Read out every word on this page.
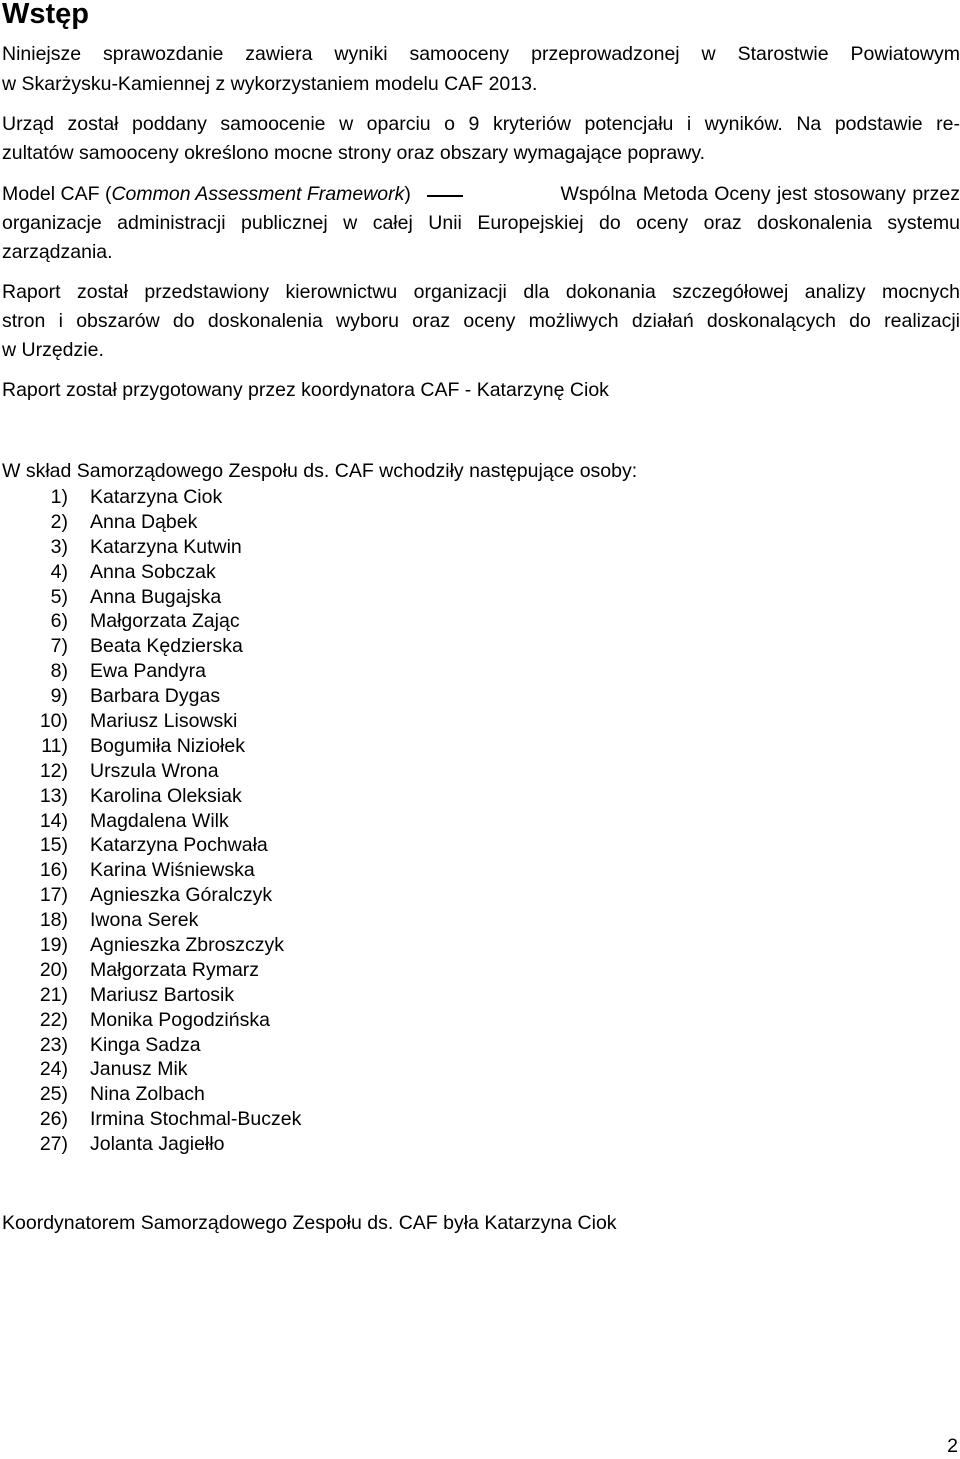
Wstęp

Niniejsze sprawozdanie zawiera wyniki samooceny przeprowadzonej w Starostwie Powiatowym

w Skarżysku-Kamiennej z wykorzystaniem modelu CAF 2013.

Urząd został poddany samoocenie w oparciu o 9 kryteriów potencjału i wyników. Na podstawie re-

zultatów samooceny określono mocne strony oraz obszary wymagające poprawy.

Model CAF (Common Assessment Framework)	Wspólna Metoda Oceny jest stosowany przez

organizacje administracji publicznej w całej Unii Europejskiej do oceny oraz doskonalenia systemu

zarządzania.

Raport został przedstawiony kierownictwu organizacji dla dokonania szczegółowej analizy mocnych

stron i obszarów do doskonalenia wyboru oraz oceny możliwych działań doskonalących do realizacji

w Urzędzie.

Raport został przygotowany przez koordynatora CAF - Katarzynę Ciok

W skład Samorządowego Zespołu ds. CAF wchodziły następujące osoby:

1) Katarzyna Ciok
2) Anna Dąbek
3) Katarzyna Kutwin
4) Anna Sobczak
5) Anna Bugajska
6) Małgorzata Zając
7) Beata Kędzierska
8) Ewa Pandyra
9) Barbara Dygas
10) Mariusz Lisowski
11) Bogumiła Niziołek
12) Urszula Wrona
13) Karolina Oleksiak
14) Magdalena Wilk
15) Katarzyna Pochwała
16) Karina Wiśniewska
17) Agnieszka Góralczyk
18) Iwona Serek
19) Agnieszka Zbroszczyk
20) Małgorzata Rymarz
21) Mariusz Bartosik
22) Monika Pogodzińska
23) Kinga Sadza
24) Janusz Mik
25) Nina Zolbach
26) Irmina Stochmal-Buczek
27) Jolanta Jagiełło

Koordynatorem Samorządowego Zespołu ds. CAF była Katarzyna Ciok

2
